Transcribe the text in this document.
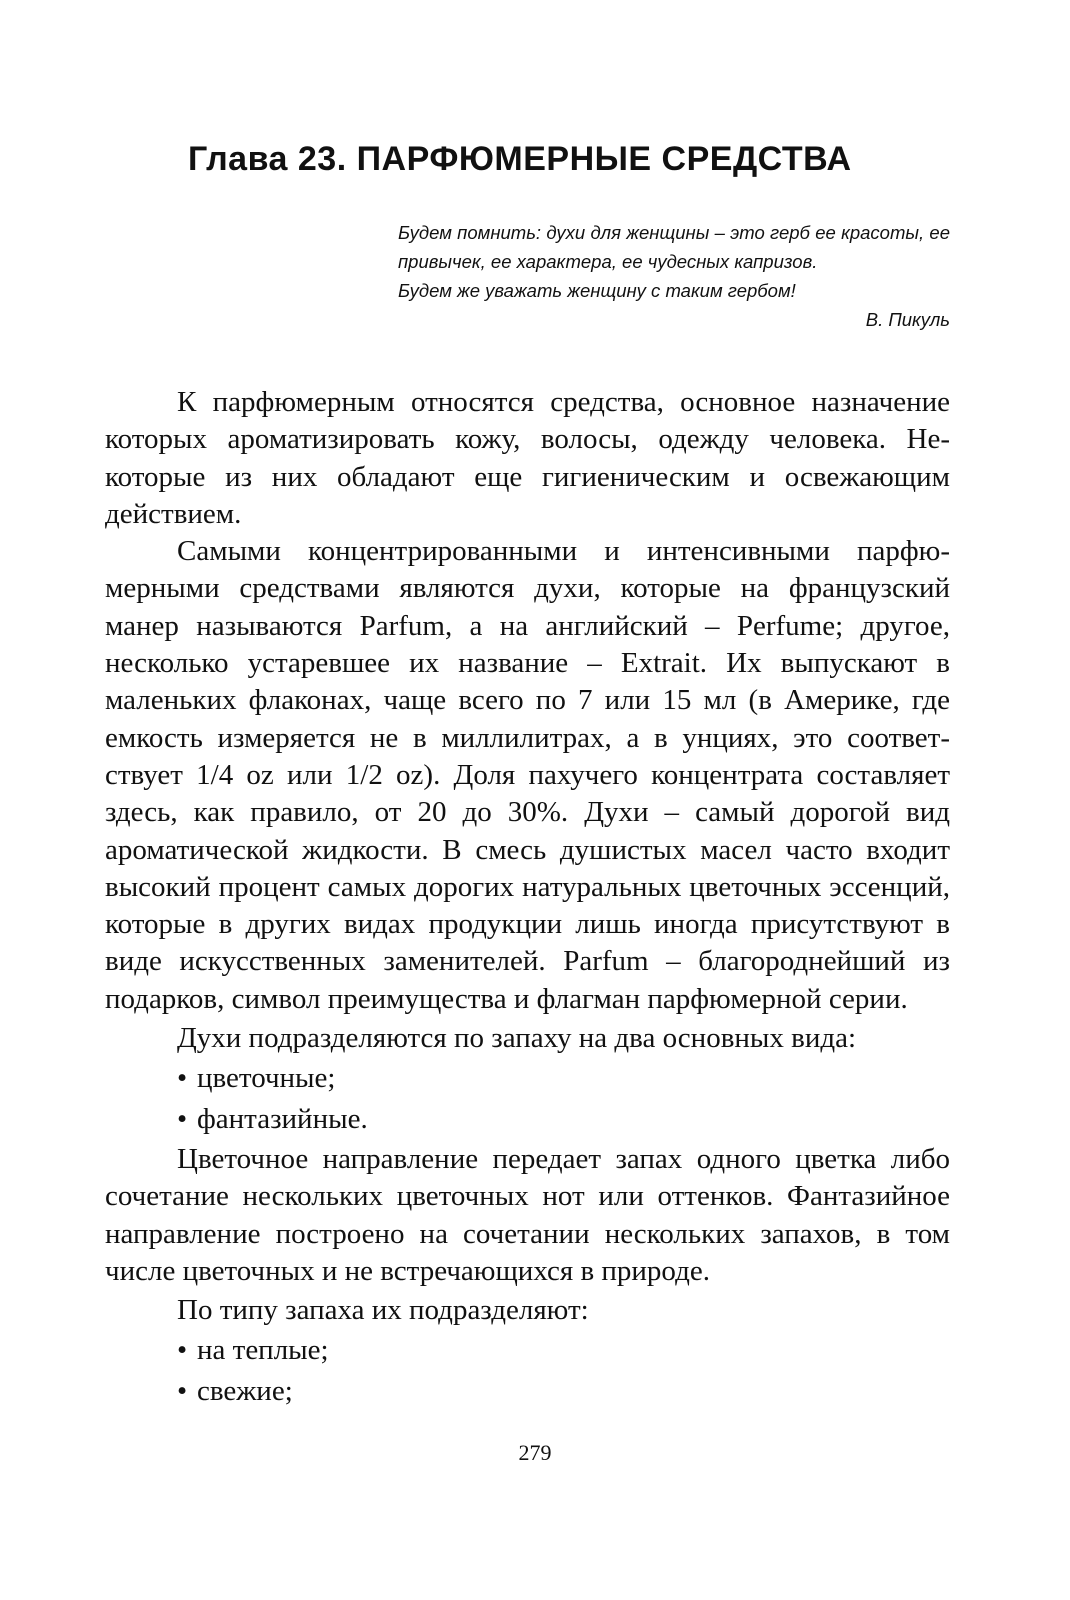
Глава 23. ПАРФЮМЕРНЫЕ СРЕДСТВА

Будем помнить: духи для женщины – это герб ее красоты, ее привычек, ее характера, ее чудесных капризов.

Будем же уважать женщину с таким гербом!

В. Пикуль

К парфюмерным относятся средства, основное назначение которых ароматизировать кожу, волосы, одежду человека. Некоторые из них обладают еще гигиеническим и освежающим действием.

Самыми концентрированными и интенсивными парфюмерными средствами являются духи, которые на французский манер называются Parfum, а на английский – Perfume; другое, несколько устаревшее их название – Extrait. Их выпускают в маленьких флаконах, чаще всего по 7 или 15 мл (в Америке, где емкость измеряется не в миллилитрах, а в унциях, это соответствует 1/4 oz или 1/2 oz). Доля пахучего концентрата составляет здесь, как правило, от 20 до 30%. Духи – самый дорогой вид ароматической жидкости. В смесь душистых масел часто входит высокий процент самых дорогих натуральных цветочных эссенций, которые в других видах продукции лишь иногда присутствуют в виде искусственных заменителей. Parfum – благороднейший из подарков, символ преимущества и флагман парфюмерной серии.

Духи подразделяются по запаху на два основных вида:

• цветочные;
• фантазийные.

Цветочное направление передает запах одного цветка либо сочетание нескольких цветочных нот или оттенков. Фантазийное направление построено на сочетании нескольких запахов, в том числе цветочных и не встречающихся в природе.

По типу запаха их подразделяют:

• на теплые;
• свежие;
279
